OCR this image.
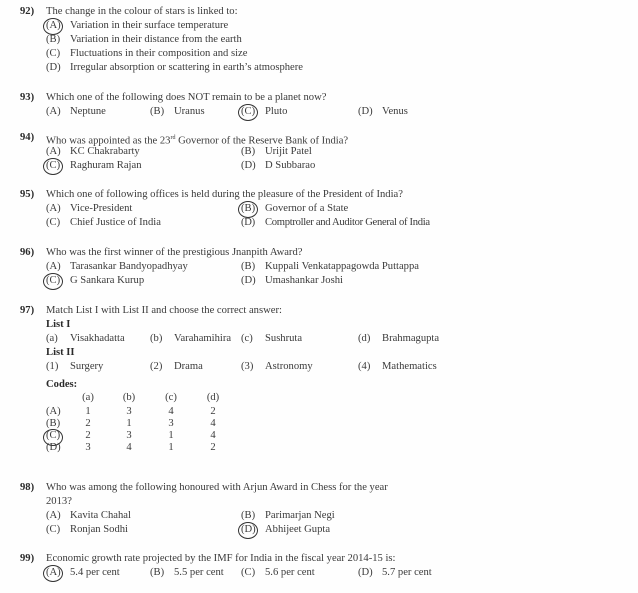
92) The change in the colour of stars is linked to:
(A) Variation in their surface temperature
(B) Variation in their distance from the earth
(C) Fluctuations in their composition and size
(D) Irregular absorption or scattering in earth’s atmosphere
93) Which one of the following does NOT remain to be a planet now?
(A) Neptune	(B) Uranus	(C) Pluto	(D) Venus
94) Who was appointed as the 23rd Governor of the Reserve Bank of India?
(A) KC Chakrabarty	(B) Urijit Patel
(C) Raghuram Rajan	(D) D Subbarao
95) Which one of following offices is held during the pleasure of the President of India?
(A) Vice-President	(B) Governor of a State
(C) Chief Justice of India	(D) Comptroller and Auditor General of India
96) Who was the first winner of the prestigious Jnanpith Award?
(A) Tarasankar Bandyopadhyay	(B) Kuppali Venkatappagowda Puttappa
(C) G Sankara Kurup	(D) Umashankar Joshi
97) Match List I with List II and choose the correct answer:
List I
(a) Visakhadatta (b) Varahamihira (c) Sushruta	(d) Brahmagupta
List II
(1) Surgery	(2) Drama	(3) Astronomy	(4) Mathematics
Codes:
(a)	(b)	(c)	(d)
(A)	1	3	4	2
(B)	2	1	3	4
(C)	2	3	1	4
(D)	3	4	1	2
98) Who was among the following honoured with Arjun Award in Chess for the year
2013?
(A) Kavita Chahal	(B) Parimarjan Negi
(C) Ronjan Sodhi	(D) Abhijeet Gupta
99) Economic growth rate projected by the IMF for India in the fiscal year 2014-15 is:
(A) 5.4 per cent	(B) 5.5 per cent (C) 5.6 per cent	(D) 5.7 per cent
